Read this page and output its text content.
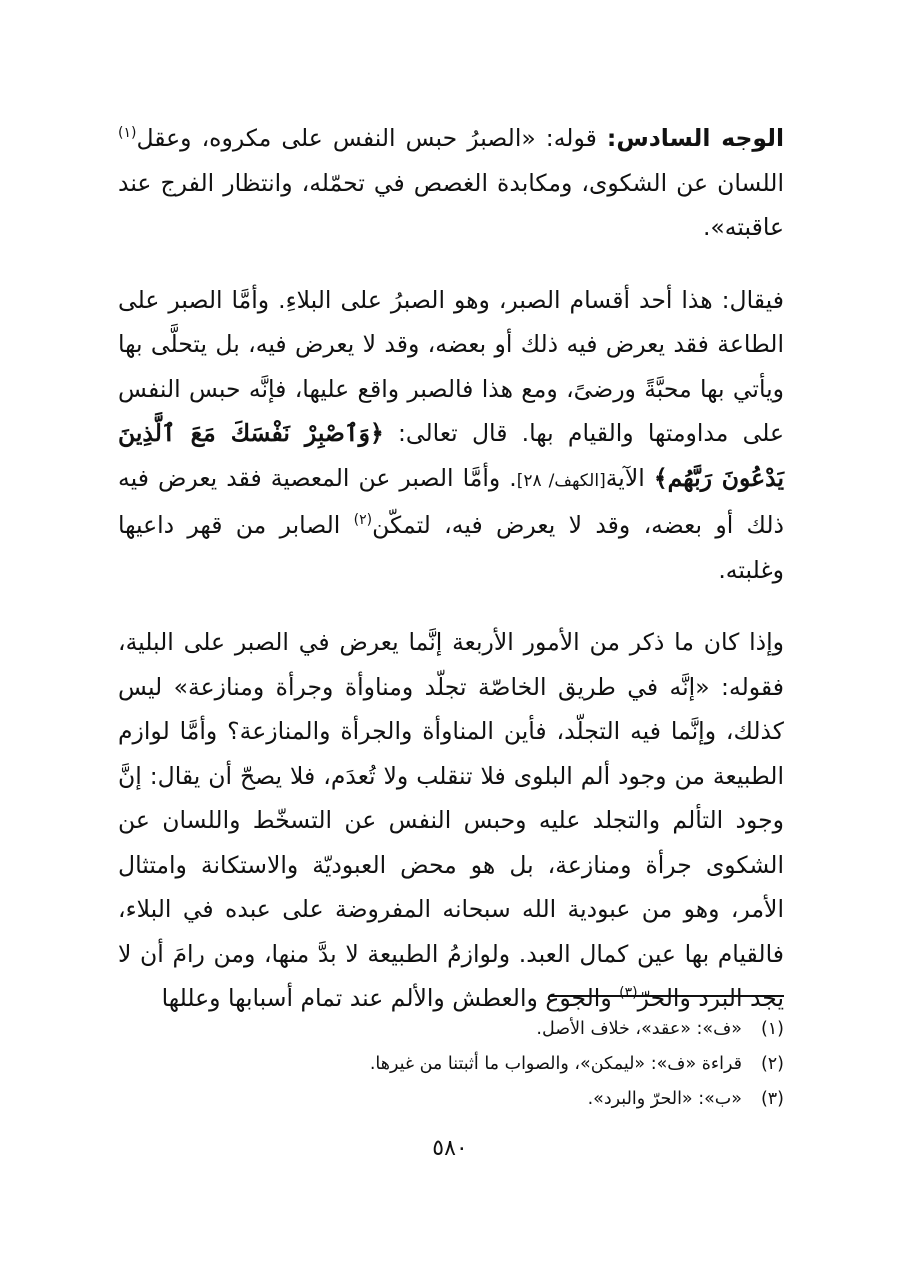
الوجه السادس: قوله: «الصبرُ حبس النفس على مكروه، وعقل$^{(١)}$ اللسان عن الشكوى، ومكابدة الغصص في تحمّله، وانتظار الفرج عند عاقبته».

فيقال: هذا أحد أقسام الصبر، وهو الصبرُ على البلاءِ. وأمَّا الصبر على الطاعة فقد يعرض فيه ذلك أو بعضه، وقد لا يعرض فيه، بل يتحلَّى بها ويأتي بها محبَّةً ورضىً، ومع هذا فالصبر واقع عليها، فإنَّه حبس النفس على مداومتها والقيام بها. قال تعالى: ﴿وَٱصْبِرْ نَفْسَكَ مَعَ ٱلَّذِينَ يَدْعُونَ رَبَّهُم﴾ الآية[الكهف/ ٢٨]. وأمَّا الصبر عن المعصية فقد يعرض فيه ذلك أو بعضه، وقد لا يعرض فيه، لتمكّن$^{(٢)}$ الصابر من قهر داعيها وغلبته.

وإذا كان ما ذكر من الأمور الأربعة إنَّما يعرض في الصبر على البلية، فقوله: «إنَّه في طريق الخاصّة تجلّد ومناوأة وجرأة ومنازعة» ليس كذلك، وإنَّما فيه التجلّد، فأين المناوأة والجرأة والمنازعة؟ وأمَّا لوازم الطبيعة من وجود ألم البلوى فلا تنقلب ولا تُعدَم، فلا يصحّ أن يقال: إنَّ وجود التألم والتجلد عليه وحبس النفس عن التسخّط واللسان عن الشكوى جرأة ومنازعة، بل هو محض العبوديّة والاستكانة وامتثال الأمر، وهو من عبودية الله سبحانه المفروضة على عبده في البلاء، فالقيام بها عين كمال العبد. ولوازمُ الطبيعة لا بدَّ منها، ومن رامَ أن لا يجد البرد والحرّ$^{(٣)}$ والجوع والعطش والألم عند تمام أسبابها وعللها

(١)
«ف»: «عقد»، خلاف الأصل.
(٢)
قراءة «ف»: «ليمكن»، والصواب ما أثبتنا من غيرها.
(٣)
«ب»: «الحرّ والبرد».
٥٨٠
